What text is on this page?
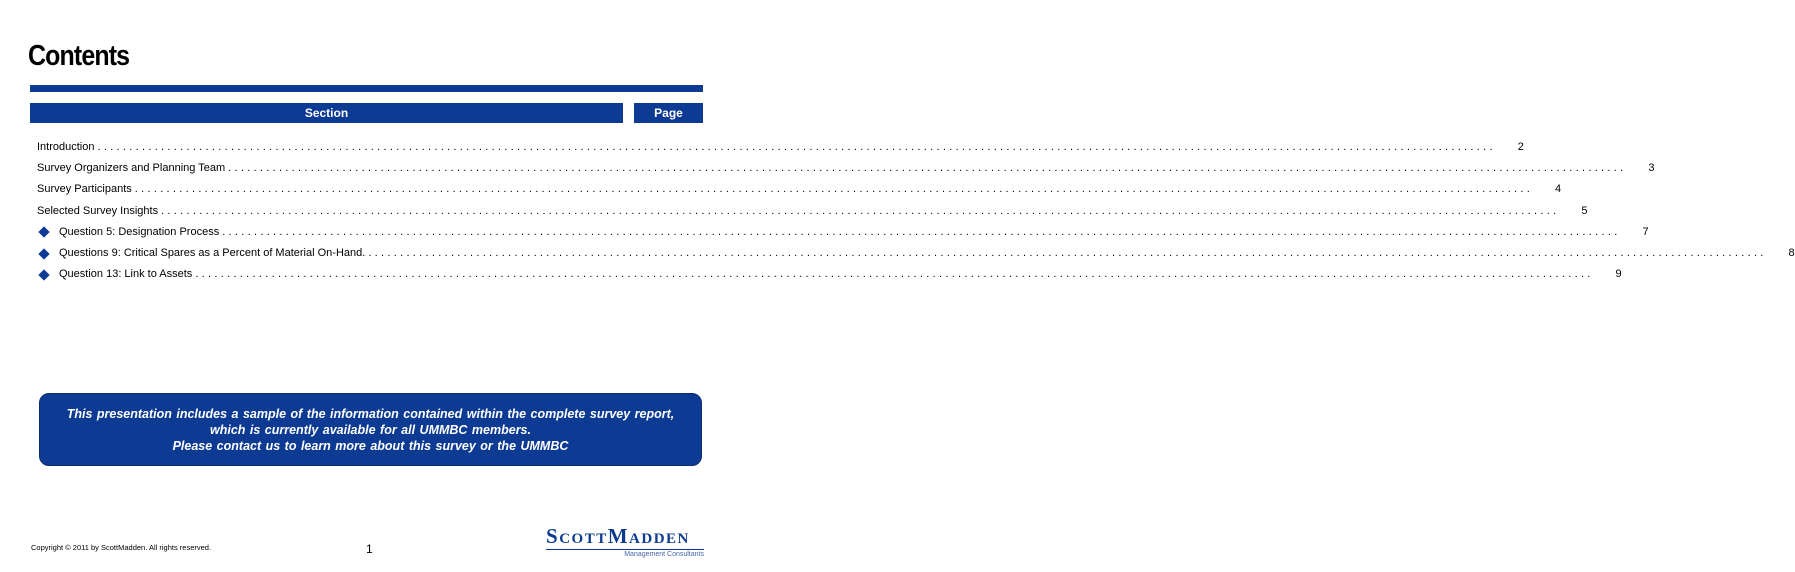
Contents
Section	Page
Introduction ............................................................................................................................................................................................................................ 2
Survey Organizers and Planning Team ............................................................................................................................................................................................................................ 3
Survey Participants ............................................................................................................................................................................................................................ 4
Selected Survey Insights ............................................................................................................................................................................................................................ 5
Question 5: Designation Process ............................................................................................................................................................................................................................ 7
Questions 9: Critical Spares as a Percent of Material On-Hand. ............................................................................................................................................................................................................................ 8
Question 13: Link to Assets ............................................................................................................................................................................................................................ 9
This presentation includes a sample of the information contained within the complete survey report,
which is currently available for all UMMBC members.
Please contact us to learn more about this survey or the UMMBC
Copyright © 2011 by ScottMadden. All rights reserved.	1
SCOTTMADDEN
Management Consultants
